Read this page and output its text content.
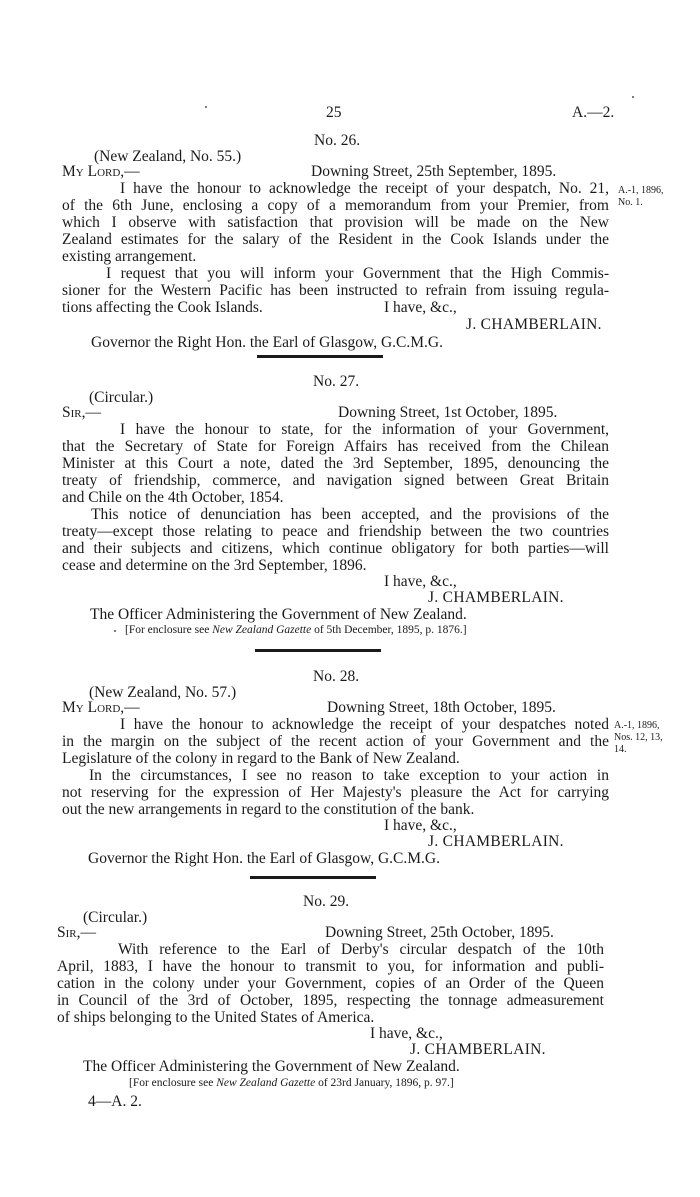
25	A.—2.
No. 26.
(New Zealand, No. 55.)
My Lord,—	Downing Street, 25th September, 1895.
I have the honour to acknowledge the receipt of your despatch, No. 21,
of the 6th June, enclosing a copy of a memorandum from your Premier, from
which I observe with satisfaction that provision will be made on the New
Zealand estimates for the salary of the Resident in the Cook Islands under the
existing arrangement.
I request that you will inform your Government that the High Commis-
sioner for the Western Pacific has been instructed to refrain from issuing regula-
tions affecting the Cook Islands.	I have, &c.,
J. CHAMBERLAIN.
Governor the Right Hon. the Earl of Glasgow, G.C.M.G.
A.-1, 1896,
No. 1.
No. 27.
(Circular.)
Sir,—	Downing Street, 1st October, 1895.
I have the honour to state, for the information of your Government,
that the Secretary of State for Foreign Affairs has received from the Chilean
Minister at this Court a note, dated the 3rd September, 1895, denouncing the
treaty of friendship, commerce, and navigation signed between Great Britain
and Chile on the 4th October, 1854.
This notice of denunciation has been accepted, and the provisions of the
treaty—except those relating to peace and friendship between the two countries
and their subjects and citizens, which continue obligatory for both parties—will
cease and determine on the 3rd September, 1896.
I have, &c.,
J. CHAMBERLAIN.
The Officer Administering the Government of New Zealand.
[For enclosure see New Zealand Gazette of 5th December, 1895, p. 1876.]
No. 28.
(New Zealand, No. 57.)
My Lord,—	Downing Street, 18th October, 1895.
I have the honour to acknowledge the receipt of your despatches noted
in the margin on the subject of the recent action of your Government and the
Legislature of the colony in regard to the Bank of New Zealand.
In the circumstances, I see no reason to take exception to your action in
not reserving for the expression of Her Majesty's pleasure the Act for carrying
out the new arrangements in regard to the constitution of the bank.
I have, &c.,
J. CHAMBERLAIN.
Governor the Right Hon. the Earl of Glasgow, G.C.M.G.
A.-1, 1896,
Nos. 12, 13,
14.
No. 29.
(Circular.)
Sir,—	Downing Street, 25th October, 1895.
With reference to the Earl of Derby's circular despatch of the 10th
April, 1883, I have the honour to transmit to you, for information and publi-
cation in the colony under your Government, copies of an Order of the Queen
in Council of the 3rd of October, 1895, respecting the tonnage admeasurement
of ships belonging to the United States of America.
I have, &c.,
J. CHAMBERLAIN.
The Officer Administering the Government of New Zealand.
[For enclosure see New Zealand Gazette of 23rd January, 1896, p. 97.]
4—A. 2.
